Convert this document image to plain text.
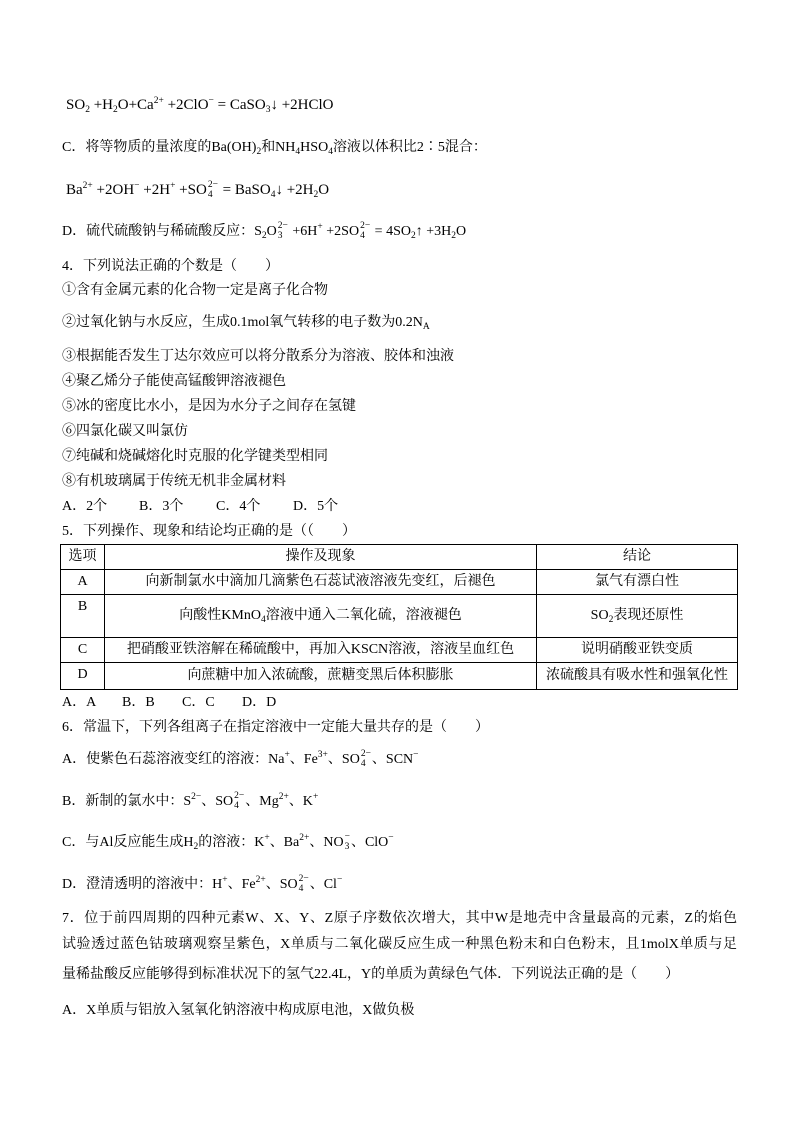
$SO_2 +H_2O+Ca^{2+} +2ClO^-$ = CaSO$_3$↓ +2HClO
C．将等物质的量浓度的$Ba(OH)_2$和$NH_4HSO_4$溶液以体积比2∶5混合：
$Ba^{2+} +2OH^- +2H^+ +SO$ 2−
4 = BaSO$_4$↓ $+2H_2O$
D．硫代硫酸钠与稀硫酸反应：$S_2O$ 2−
3 +6H+ +2SO 2−
$4 = 4SO_2↑ +3H_2O$
4．下列说法正确的个数是（　　）
①含有金属元素的化合物一定是离子化合物
②过氧化钠与水反应，生成0.1mol氧气转移的电子数为$0.2N_A$
③根据能否发生丁达尔效应可以将分散系分为溶液、胶体和浊液
④聚乙烯分子能使高锰酸钾溶液褪色
⑤冰的密度比水小，是因为水分子之间存在氢键
⑥四氯化碳又叫氯仿
⑦纯碱和烧碱熔化时克服的化学键类型相同
⑧有机玻璃属于传统无机非金属材料
A．2个 B．3个 C．4个 D．5个
5．下列操作、现象和结论均正确的是（（　　）
选项	操作及现象	结论
A	向新制氯水中滴加几滴紫色石蕊试液溶液先变红，后褪色	氯气有漂白性
B	向酸性KMnO$_4$溶液中通入二氧化硫，溶液褪色	$SO_2$表现还原性
C	把硝酸亚铁溶解在稀硫酸中，再加入KSCN溶液，溶液呈血红色	说明硝酸亚铁变质
D	向蔗糖中加入浓硫酸，蔗糖变黑后体积膨胀	浓硫酸具有吸水性和强氧化性
A．A B．B C．C D．D
6．常温下，下列各组离子在指定溶液中一定能大量共存的是（　　）
A．使紫色石蕊溶液变红的溶液：Na+、$Fe^{3+}$、SO 2−
4 、SCN−
B．新制的氯水中：$S^{2-}$、SO 2−
4 、$Mg^{2+}$、K+
C．与Al反应能生成$H_2$的溶液：K+、$Ba^{2+}$、NO −
3 、ClO−
D．澄清透明的溶液中：H+、$Fe^{2+}$、SO 2−
4 、Cl−
7．位于前四周期的四种元素W、X、Y、Z原子序数依次增大，其中W是地壳中含量最高的元素，Z的焰色
试验透过蓝色钴玻璃观察呈紫色，X单质与二氧化碳反应生成一种黑色粉末和白色粉末，且1molX单质与足
量稀盐酸反应能够得到标准状况下的氢气22.4L，Y的单质为黄绿色气体．下列说法正确的是（　　）
A．X单质与铝放入氢氧化钠溶液中构成原电池，X做负极
